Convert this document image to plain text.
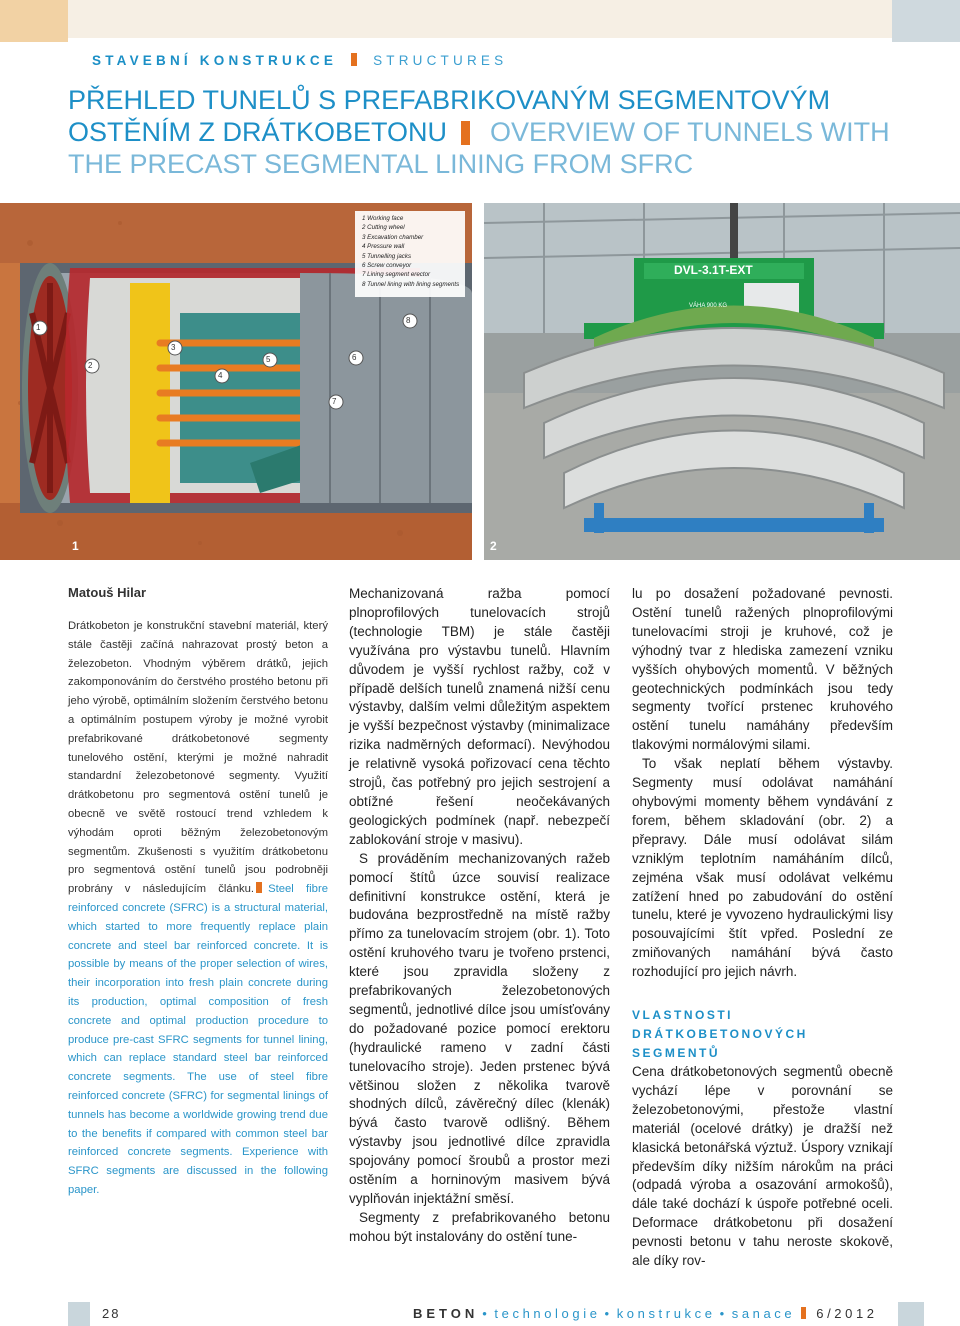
STAVEBNÍ KONSTRUKCE	STRUCTURES
PŘEHLED TUNELŮ S PREFABRIKOVANÝM SEGMENTOVÝM OSTĚNÍM Z DRÁTKOBETONU OVERVIEW OF TUNNELS WITH THE PRECAST SEGMENTAL LINING FROM SFRC
1 Working face
2 Cutting wheel
3 Excavation chamber
4 Pressure wall
5 Tunnelling jacks
6 Screw conveyor
7 Lining segment erector
8 Tunnel lining with lining segments
1
2
3
4
5	6
7
8
1
DVL-3.1T-EXT
VÁHA 900 KG
2
Matouš Hilar

Drátkobeton je konstrukční stavební materiál, který stále častěji začíná nahrazovat prostý beton a železobeton. Vhodným výběrem drátků, jejich zakomponováním do čerstvého prostého betonu při jeho výrobě, optimálním složením čerstvého betonu a optimálním postupem výroby je možné vyrobit prefabrikované drátkobetonové segmenty tunelového ostění, kterými je možné nahradit standardní železobetonové segmenty. Využití drátkobetonu pro segmentová ostění tunelů je obecně ve světě rostoucí trend vzhledem k výhodám oproti běžným železobetonovým segmentům. Zkušenosti s využitím drátkobetonu pro segmentová ostění tunelů jsou podrobněji probrány v následujícím článku. Steel fibre reinforced concrete (SFRC) is a structural material, which started to more frequently replace plain concrete and steel bar reinforced concrete. It is possible by means of the proper selection of wires, their incorporation into fresh plain concrete during its production, optimal composition of fresh concrete and optimal production procedure to produce pre-cast SFRC segments for tunnel lining, which can replace standard steel bar reinforced concrete segments. The use of steel fibre reinforced concrete (SFRC) for segmental linings of tunnels has become a worldwide growing trend due to the benefits if compared with common steel bar reinforced concrete segments. Experience with SFRC segments are discussed in the following paper.

Mechanizovaná ražba pomocí plnoprofilových tunelovacích strojů (technologie TBM) je stále častěji využívána pro výstavbu tunelů. Hlavním důvodem je vyšší rychlost ražby, což v případě delších tunelů znamená nižší cenu výstavby, dalším velmi důležitým aspektem je vyšší bezpečnost výstavby (minimalizace rizika nadměrných deformací). Nevýhodou je relativně vysoká pořizovací cena těchto strojů, čas potřebný pro jejich sestrojení a obtížné řešení neočekávaných geologických podmínek (např. nebezpečí zablokování stroje v masivu).

S prováděním mechanizovaných ražeb pomocí štítů úzce souvisí realizace definitivní konstrukce ostění, která je budována bezprostředně na místě ražby přímo za tunelovacím strojem (obr. 1). Toto ostění kruhového tvaru je tvořeno prstenci, které jsou zpravidla složeny z prefabrikovaných železobetonových segmentů, jednotlivé dílce jsou umísťovány do požadované pozice pomocí erektoru (hydraulické rameno v zadní části tunelovacího stroje). Jeden prstenec bývá většinou složen z několika tvarově shodných dílců, závěrečný dílec (klenák) bývá často tvarově odlišný. Během výstavby jsou jednotlivé dílce zpravidla spojovány pomocí šroubů a prostor mezi ostěním a horninovým masivem bývá vyplňován injektážní směsí.

Segmenty z prefabrikovaného betonu mohou být instalovány do ostění tune-

lu po dosažení požadované pevnosti. Ostění tunelů ražených plnoprofilovými tunelovacími stroji je kruhové, což je výhodný tvar z hlediska zamezení vzniku vyšších ohybových momentů. V běžných geotechnických podmínkách jsou tedy segmenty tvořící prstenec kruhového ostění tunelu namáhány především tlakovými normálovými silami.

To však neplatí během výstavby. Segmenty musí odolávat namáhání ohybovými momenty během vyndávání z forem, během skladování (obr. 2) a přepravy. Dále musí odolávat silám vzniklým teplotním namáháním dílců, zejména však musí odolávat velkému zatížení hned po zabudování do ostění tunelu, které je vyvozeno hydraulickými lisy posouvajícími štít vpřed. Poslední ze zmiňovaných namáhání bývá často rozhodující pro jejich návrh.

VLASTNOSTI DRÁTKOBETONOVÝCH SEGMENTŮ

Cena drátkobetonových segmentů obecně vychází lépe v porovnání se železobetonovými, přestože vlastní materiál (ocelové drátky) je dražší než klasická betonářská výztuž. Úspory vznikají především díky nižším nárokům na práci (odpadá výroba a osazování armokošů), dále také dochází k úspoře potřebné oceli. Deformace drátkobetonu při dosažení pevnosti betonu v tahu neroste skokově, ale díky rov-

28	BETON • technologie • konstrukce • sanace 6/2012
